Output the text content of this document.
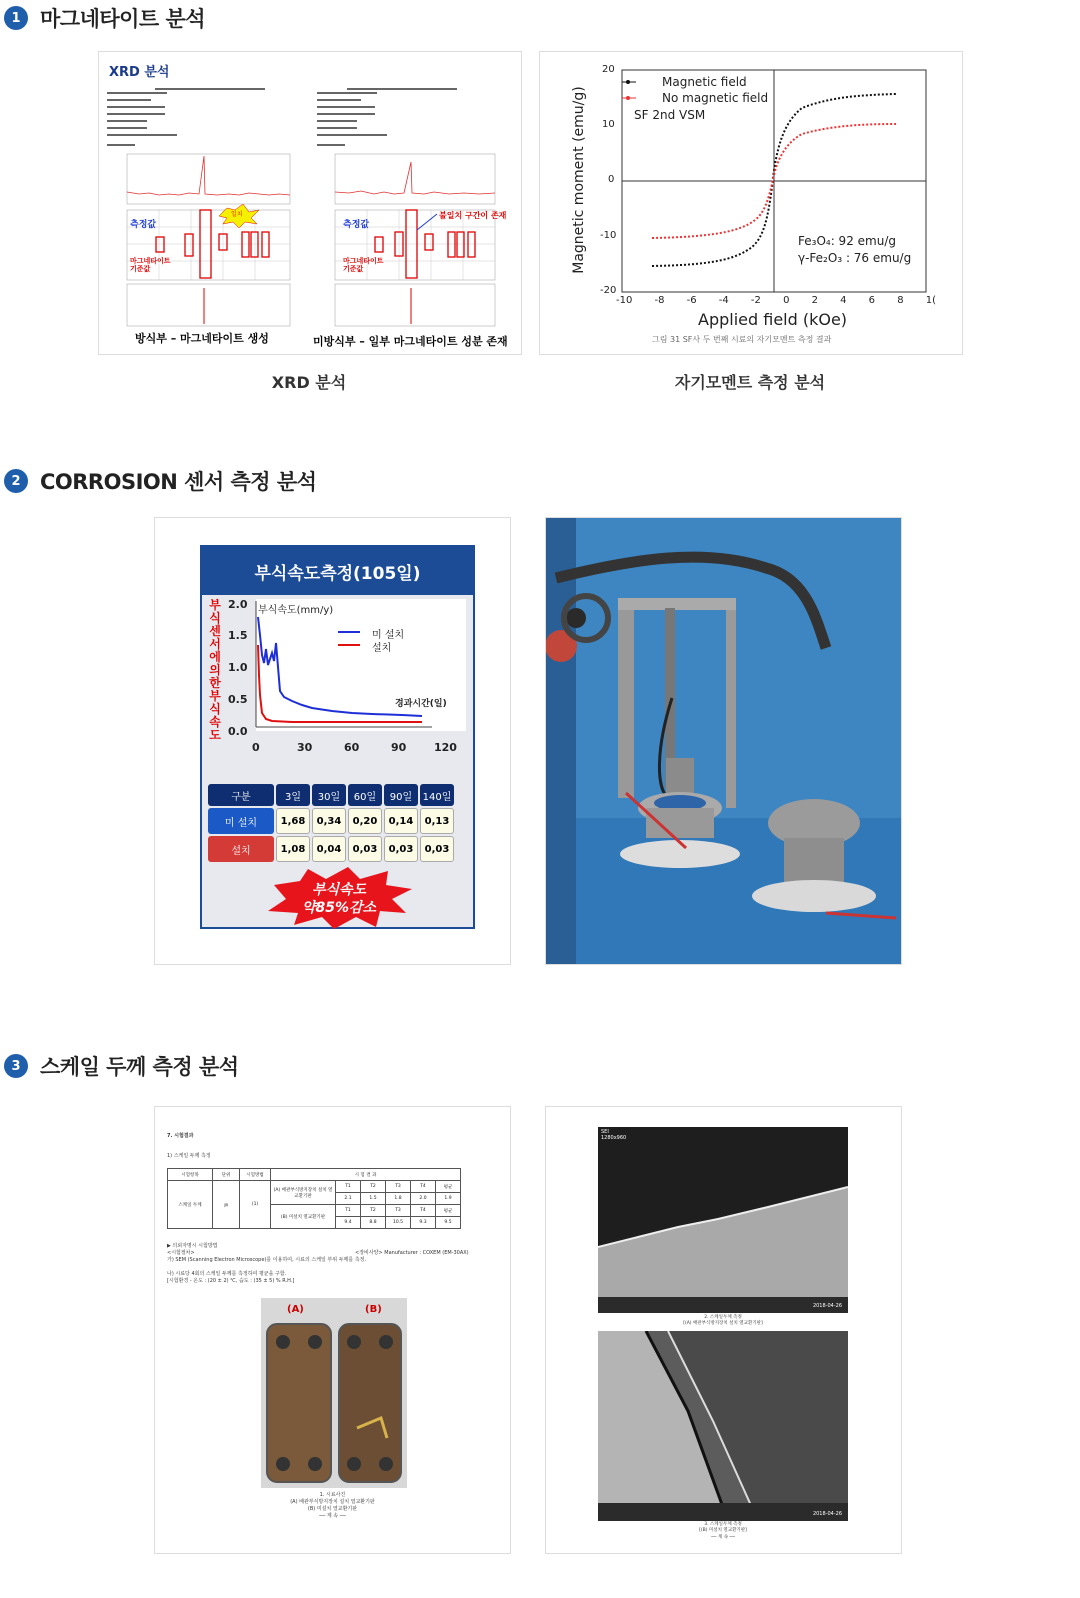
1 마그네타이트 분석
XRD 분석
측정값
마그네타이트
기준값
일치
측정값
마그네타이트
기준값
불일치 구간이 존재
방식부 – 마그네타이트 생성	미방식부 – 일부 마그네타이트 성분 존재
XRD 분석
Magnetic field
No magnetic field
SF 2nd VSM
Fe₃O₄: 92 emu/g
γ-Fe₂O₃ : 76 emu/g
20
10
0
-10
-20
-10 -8 -6 -4 -2 0 2 4 6 8 1(
Applied field (kOe)
Magnetic moment (emu/g)
그림 31 SF사 두 번째 시료의 자기모멘트 측정 결과
자기모멘트 측정 분석
2 CORROSION 센서 측정 분석
부식속도측정(105일)
부식센서에 의한 부식속도
부식속도(mm/y)
미 설치
설치
경과시간(일)
2.0
1.5
1.0
0.5
0.0
0	30	60	90	120
구분	3일	30일	60일	90일	140일
미 설치	1,68	0,34	0,20	0,14	0,13
설치	1,08	0,04	0,03	0,03	0,03
부식속도
약85%감소
3 스케일 두께 측정 분석
7. 시험결과
1) 스케일 두께 측정
시험항목	단위	시험방법	시 험 결 과					
스케일 두께	㎛	(1)	(A) 배관부식방지장치 설치 열교환기판	T1	T2	T3	T4	평균
				2.1	1.5	1.8	2.0	1.9
			(B) 미설치 열교환기판	T1	T2	T3	T4	평균
				9.4	8.8	10.5	9.3	9.5
▶ 의뢰자명시 시험방법
<시험절차>
가) SEM (Scanning Electron Microscope)를 이용하여, 시료의 스케일 부위 두께를 측정.
나) 시료당 4회의 스케일 두께를 측정하여 평균을 구함.
[시험환경 - 온도 : (20 ± 2) ℃, 습도 : (35 ± 5) % R.H.]
<장비사양> Manufacturer : COXEM (EM-30AX)
(A)	(B)
1. 시료사진
(A) 배관부식방지장치 설치 열교환기판
(B) 미설치 열교환기판
── 계 속 ──
SEI
1280x960
2018-04-26
2. 스케일두께 측정
[(A) 배관부식방지장치 설치 열교환기판]
2018-04-26
3. 스케일두께 측정
[(B) 미설치 열교환기판]
── 계 속 ──
